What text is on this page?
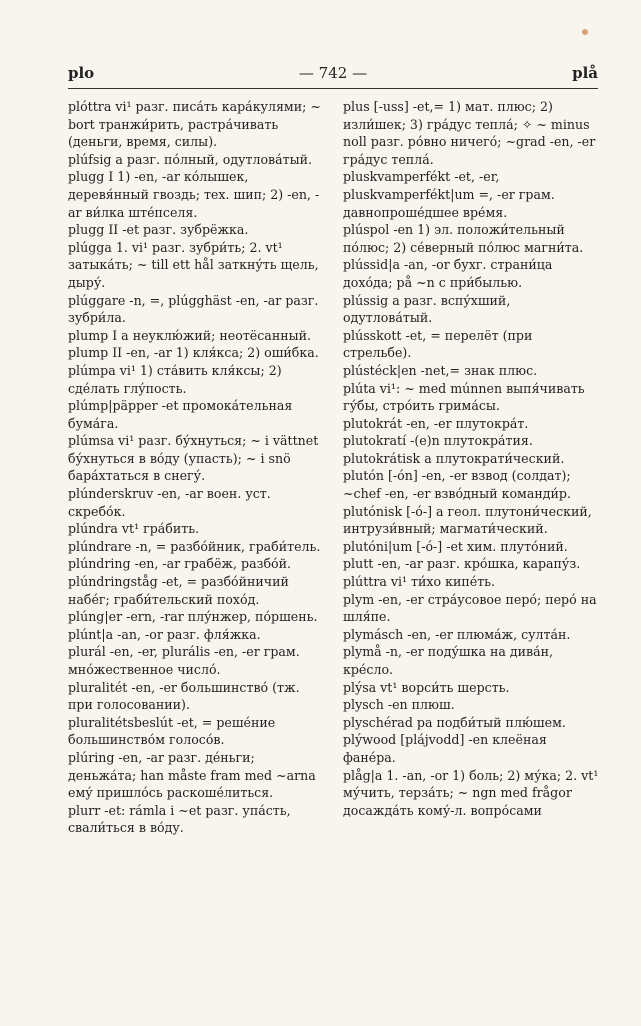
plo	— 742 —	plå

plóttra vi¹ разг. писа́ть кара́кулями; ~ bort транжи́рить, растра́чивать (деньги, время, силы).

plúfsig a разг. по́лный, одутлова́тый.

plugg I 1) -en, -ar ко́лышек, деревя́нный гвоздь; тех. шип; 2) -en, -ar ви́лка ште́пселя.

plugg II -et разг. зубрёжка.

plúgga 1. vi¹ разг. зубри́ть; 2. vt¹ затыка́ть; ~ till ett hål заткну́ть щель, дыру́.

plúggare -n, =, plúgghäst -en, -ar разг. зубри́ла.

plump I a неуклю́жий; неотёсанный.

plump II -en, -ar 1) кля́кса; 2) оши́бка.

plúmpa vi¹ 1) ста́вить кля́ксы; 2) сде́лать глу́пость.

plúmp|päpper -et промока́тельная бума́га.

plúmsa vi¹ разг. бу́хнуться; ~ i vättnet бу́хнуться в во́ду (упасть); ~ i snö бара́хтаться в снегу́.

plúnderskruv -en, -ar воен. уст. скребо́к.

plúndra vt¹ гра́бить.

plúndrare -n, = разбо́йник, граби́тель.

plúndring -en, -ar грабёж, разбо́й.

plúndringståg -et, = разбо́йничий набе́г; граби́тельский похо́д.

plúng|er -ern, -rar плу́нжер, по́ршень.

plúnt|a -an, -or разг. фля́жка.

plurál -en, -er, plurális -en, -er грам. мно́жественное число́.

pluralitét -en, -er большинство́ (тж. при голосовании).

pluralitétsbeslút -et, = реше́ние большинство́м голосо́в.

plúring -en, -ar разг. де́ньги; деньжа́та; han måste fram med ~arna ему́ пришло́сь раскоше́литься.

plurr -et: rámla i ~et разг. упа́сть, свали́ться в во́ду.

plus [-uss] -et,= 1) мат. плюс; 2) изли́шек; 3) гра́дус тепла́; ✧ ~ minus noll разг. ро́вно ничего́; ~grad -en, -er гра́дус тепла́.

pluskvamperfékt -et, -er, pluskvamperfékt|um =, -er грам. давнопроше́дшее вре́мя.

plúspol -en 1) эл. положи́тельный по́люс; 2) се́верный по́люс магни́та.

plússid|a -an, -or бухг. страни́ца дохо́да; på ~n с при́былью.

plússig a разг. вспу́хший, одутлова́тый.

plússkott -et, = перелёт (при стрельбе).

plústéck|en -net,= знак плюс.

plúta vi¹: ~ med múnnen выпя́чивать гу́бы, стро́ить грима́сы.

plutokrát -en, -er плутокра́т.

plutokratí -(e)n плутокра́тия.

plutokrátisk a плутократи́ческий.

plutón [-ón] -en, -er взвод (солдат); ~chef -en, -er взво́дный команди́р.

plutónisk [-ó-] a геол. плутони́ческий, интрузи́вный; магмати́ческий.

plutóni|um [-ó-] -et хим. плуто́ний.

plutt -en, -ar разг. кро́шка, карапу́з.

plúttra vi¹ ти́хо кипе́ть.

plym -en, -er стра́усовое перо́; перо́ на шля́пе.

plymásch -en, -er плюма́ж, султа́н.

plymå -n, -er поду́шка на дива́н, кре́сло.

plýsa vt¹ ворси́ть шерсть.

plysch -en плюш.

plyschérad pa подби́тый плю́шем.

plýwood [plájvodd] -en клеёная фане́ра.

plåg|a 1. -an, -or 1) боль; 2) му́ка; 2. vt¹ му́чить, терза́ть; ~ ngn med frågor досажда́ть кому́-л. вопро́сами
